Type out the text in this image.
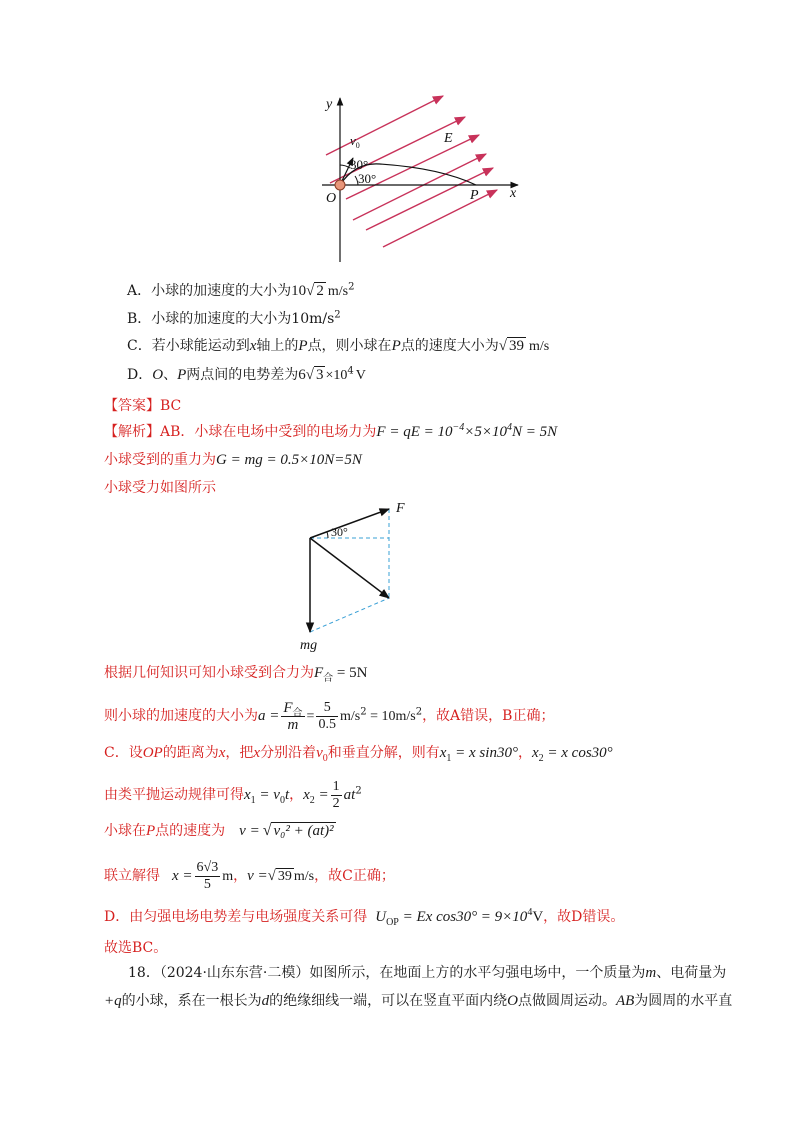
y
x
O
$v_0$	E
P
30°
30°
A．小球的加速度的大小为10√ 2 $m/s^2$
B．小球的加速度的大小为$10m/s^2$
C．若小球能运动到x轴上的P点，则小球在P点的速度大小为√ 39 m/s
D．O、P两点间的电势差为6√ $3 \times 10^4$ V
【答案】BC
【解析】AB．小球在电场中受到的电场力为F = qE = $10^{-4}\times 5\times 10^4N = 5N$
小球受到的重力为G = mg = 0.5×10N=5N
小球受力如图所示
F
30°
mg
根据几何知识可知小球受到合力为$F_合 = 5N$
则小球的加速度的大小为$a = \frac{F_合}{m} = \frac{5}{0.5} m/s^2 = 10m/s^2$，故A错误，B正确；
C．设OP的距离为x，把x分别沿着$v_0$和垂直分解，则有$x_1 = x$ sin30°，$x_2 = x$ cos30°
由类平抛运动规律可得$x_1 = v_0t$，$x_2 = \frac{1}{2} at^2$
小球在P点的速度为 v = √ v₀² + (at)²
联立解得 $x = \frac{6√3}{5}$ m，v =√ 39 m/s，故C正确；
D．由匀强电场电势差与电场强度关系可得 $U_{OP} = Ex$ $\cos 30^\circ = 9\times 10^4V$，故D错误。
故选BC。
18．（2024·山东东营·二模）如图所示，在地面上方的水平匀强电场中，一个质量为m、电荷量为
+q的小球，系在一根长为d的绝缘细线一端，可以在竖直平面内绕O点做圆周运动。AB为圆周的水平直
